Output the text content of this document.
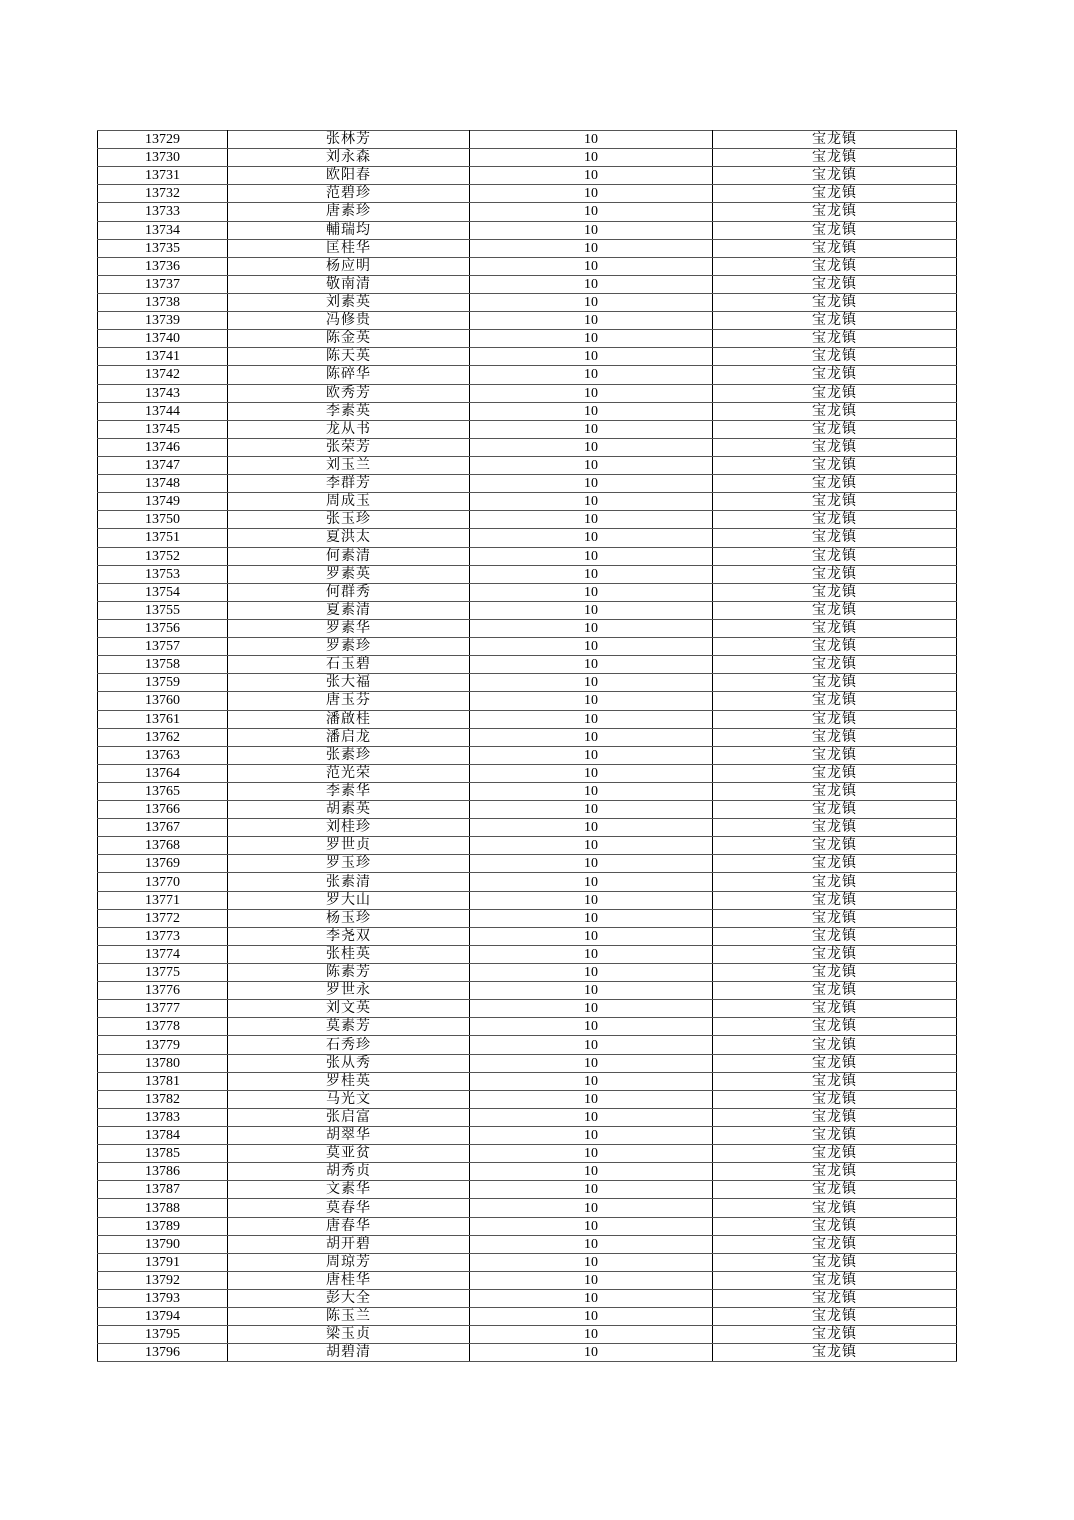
13729	张林芳	10	宝龙镇
13730	刘永森	10	宝龙镇
13731	欧阳春	10	宝龙镇
13732	范碧珍	10	宝龙镇
13733	唐素珍	10	宝龙镇
13734	輔瑞均	10	宝龙镇
13735	匡桂华	10	宝龙镇
13736	杨应明	10	宝龙镇
13737	敬南清	10	宝龙镇
13738	刘素英	10	宝龙镇
13739	冯修贵	10	宝龙镇
13740	陈金英	10	宝龙镇
13741	陈天英	10	宝龙镇
13742	陈碎华	10	宝龙镇
13743	欧秀芳	10	宝龙镇
13744	李素英	10	宝龙镇
13745	龙从书	10	宝龙镇
13746	张荣芳	10	宝龙镇
13747	刘玉兰	10	宝龙镇
13748	李群芳	10	宝龙镇
13749	周成玉	10	宝龙镇
13750	张玉珍	10	宝龙镇
13751	夏洪太	10	宝龙镇
13752	何素清	10	宝龙镇
13753	罗素英	10	宝龙镇
13754	何群秀	10	宝龙镇
13755	夏素清	10	宝龙镇
13756	罗素华	10	宝龙镇
13757	罗素珍	10	宝龙镇
13758	石玉碧	10	宝龙镇
13759	张大福	10	宝龙镇
13760	唐玉芬	10	宝龙镇
13761	潘啟桂	10	宝龙镇
13762	潘启龙	10	宝龙镇
13763	张素珍	10	宝龙镇
13764	范光荣	10	宝龙镇
13765	李素华	10	宝龙镇
13766	胡素英	10	宝龙镇
13767	刘桂珍	10	宝龙镇
13768	罗世贞	10	宝龙镇
13769	罗玉珍	10	宝龙镇
13770	张素清	10	宝龙镇
13771	罗大山	10	宝龙镇
13772	杨玉珍	10	宝龙镇
13773	李尧双	10	宝龙镇
13774	张桂英	10	宝龙镇
13775	陈素芳	10	宝龙镇
13776	罗世永	10	宝龙镇
13777	刘文英	10	宝龙镇
13778	莫素芳	10	宝龙镇
13779	石秀珍	10	宝龙镇
13780	张从秀	10	宝龙镇
13781	罗桂英	10	宝龙镇
13782	马光文	10	宝龙镇
13783	张启富	10	宝龙镇
13784	胡翠华	10	宝龙镇
13785	莫亚贫	10	宝龙镇
13786	胡秀贞	10	宝龙镇
13787	文素华	10	宝龙镇
13788	莫春华	10	宝龙镇
13789	唐春华	10	宝龙镇
13790	胡开碧	10	宝龙镇
13791	周琼芳	10	宝龙镇
13792	唐桂华	10	宝龙镇
13793	彭大全	10	宝龙镇
13794	陈玉兰	10	宝龙镇
13795	梁玉贞	10	宝龙镇
13796	胡碧清	10	宝龙镇
